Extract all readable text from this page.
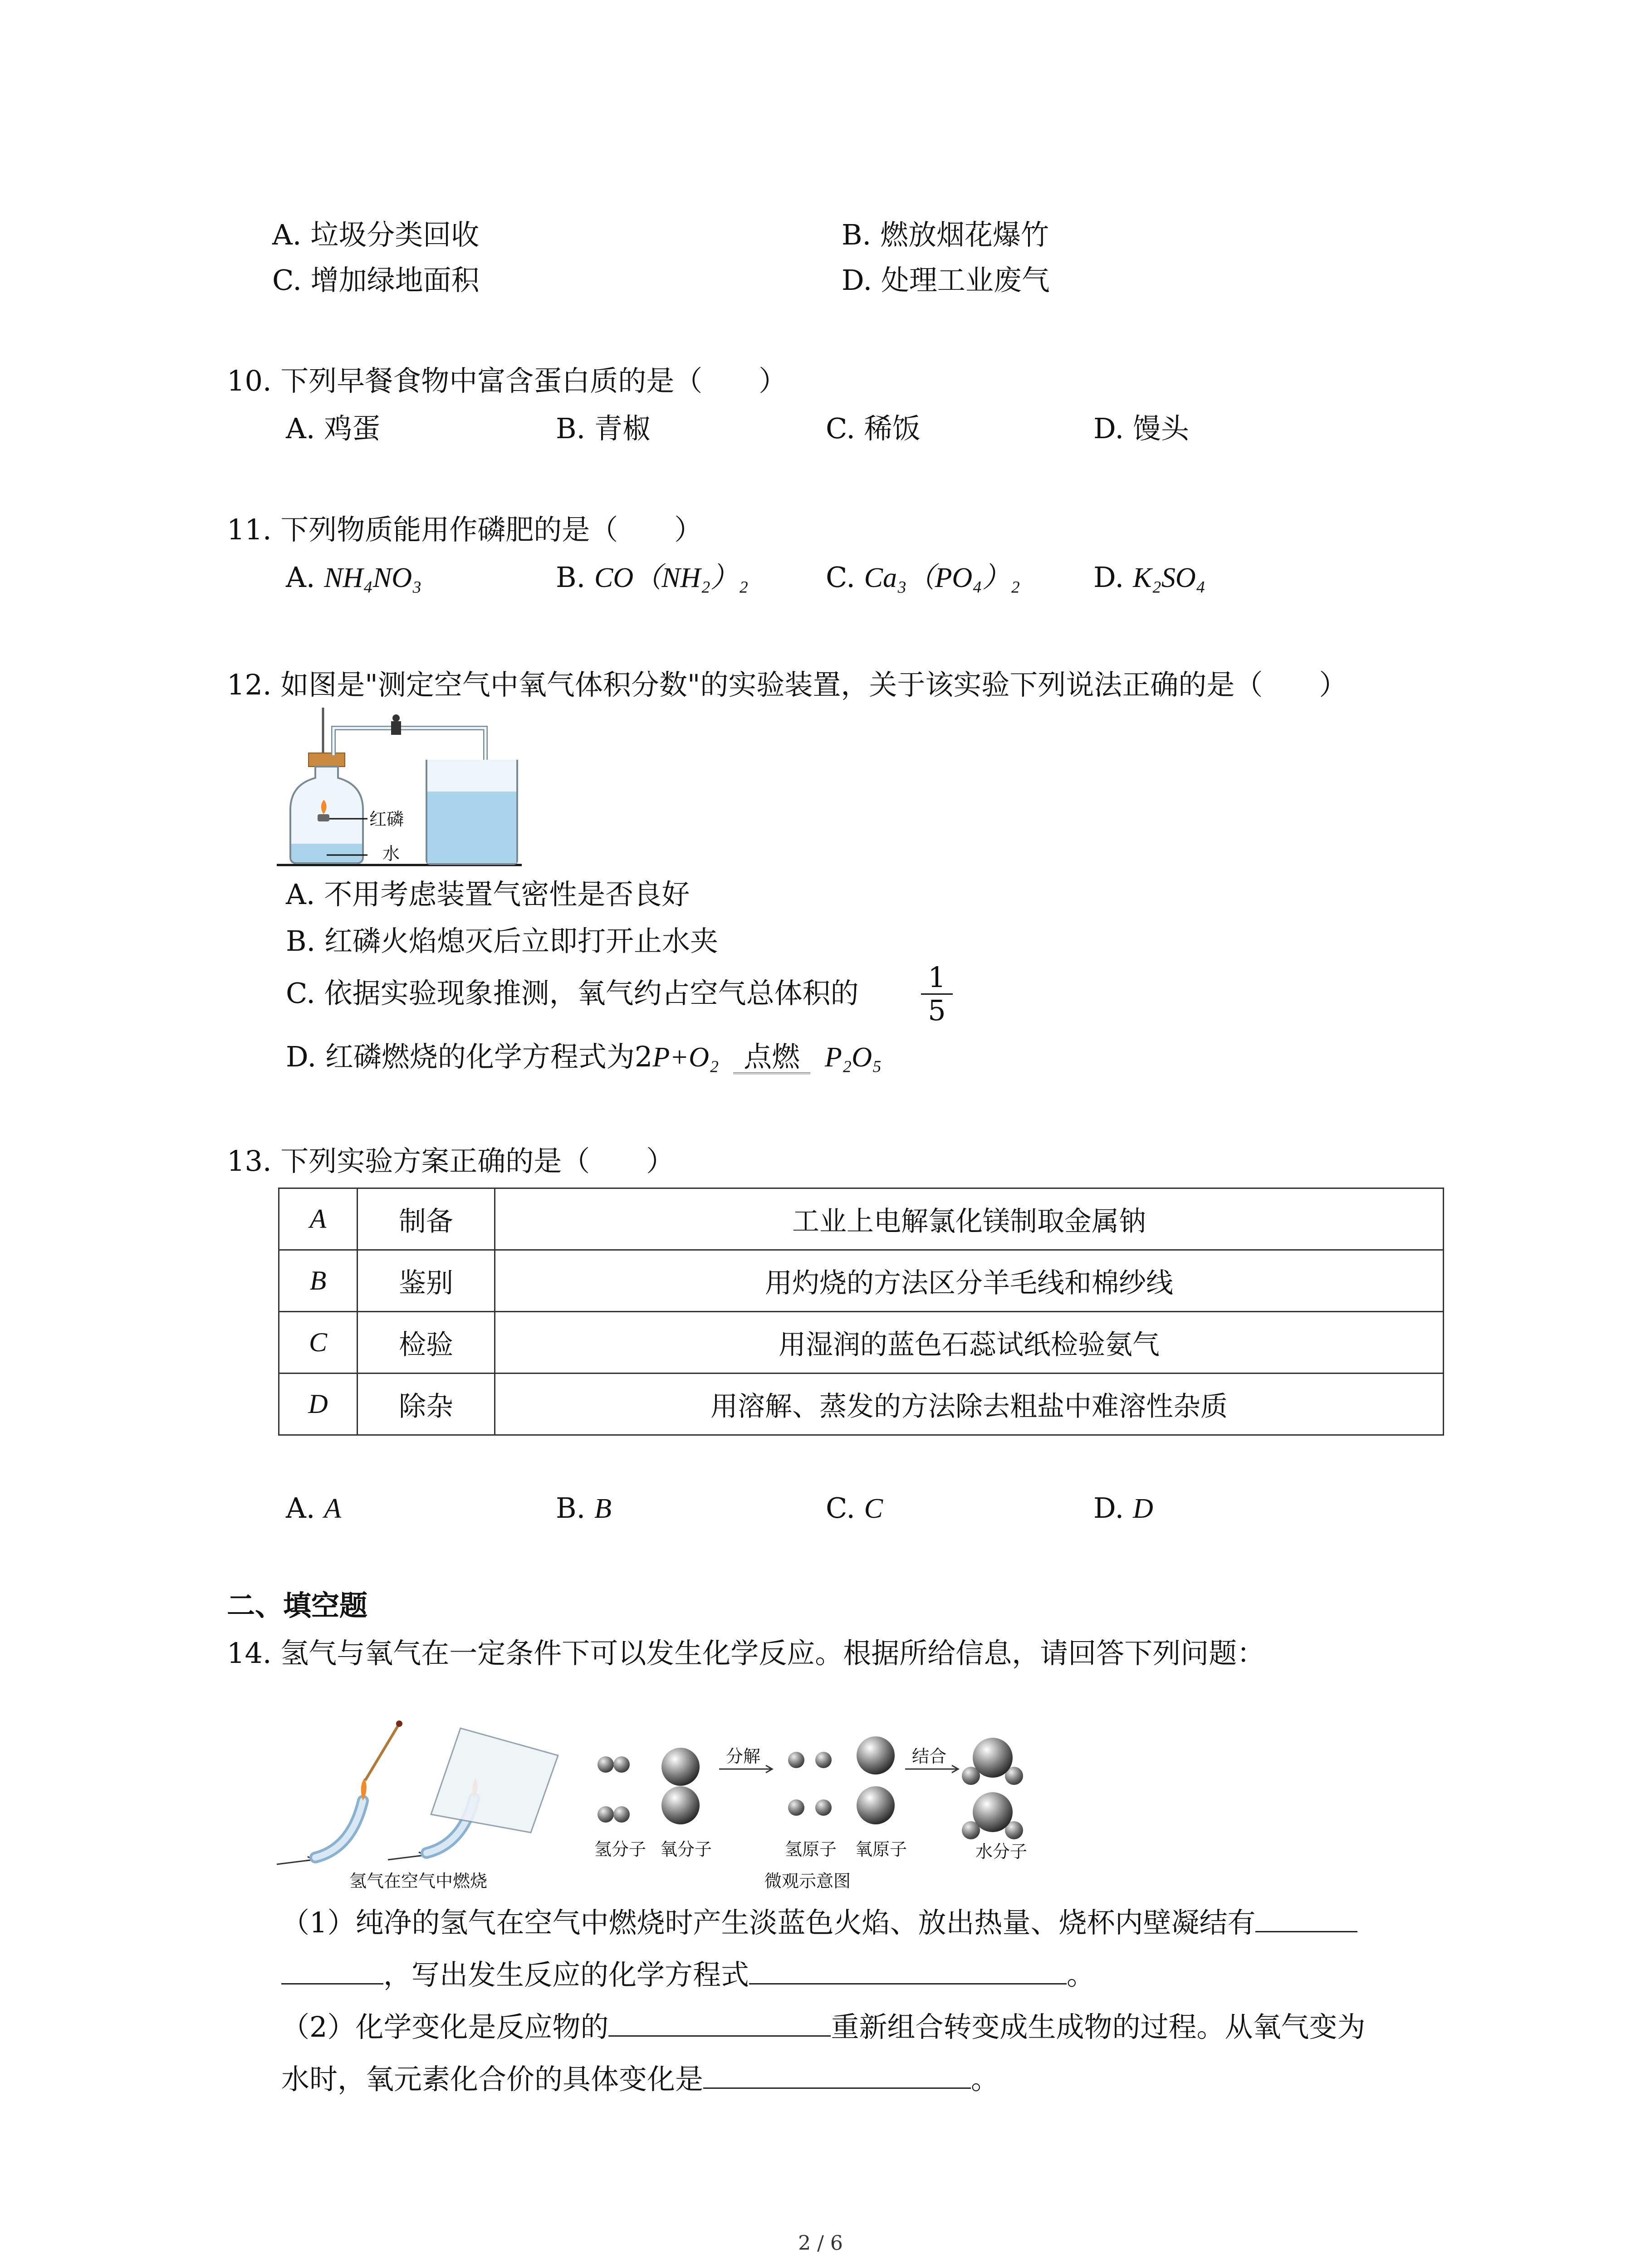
A. 垃圾分类回收	B. 燃放烟花爆竹
C. 增加绿地面积	D. 处理工业废气
10. 下列早餐食物中富含蛋白质的是（　　）
A. 鸡蛋	B. 青椒	C. 稀饭	D. 馒头
11. 下列物质能用作磷肥的是（　　）
A. NH₄NO₃	B. CO（NH₂）₂	C. Ca₃（PO₄）₂	D. K₂SO₄
12. 如图是"测定空气中氧气体积分数"的实验装置，关于该实验下列说法正确的是（　　）
红磷
水
A. 不用考虑装置气密性是否良好
B. 红磷火焰熄灭后立即打开止水夹
C. 依据实验现象推测，氧气约占空气总体积的 $\frac{1}{5}$
D. 红磷燃烧的化学方程式为2P+O₂ 点燃 P₂O₅
13. 下列实验方案正确的是（　　）
A	制备	工业上电解氯化镁制取金属钠
B	鉴别	用灼烧的方法区分羊毛线和棉纱线
C	检验	用湿润的蓝色石蕊试纸检验氨气
D	除杂	用溶解、蒸发的方法除去粗盐中难溶性杂质
A. A	B. B	C. C	D. D
二、填空题
14. 氢气与氧气在一定条件下可以发生化学反应。根据所给信息，请回答下列问题：
氢气在空气中燃烧
氢分子 氧分子
分解
氢原子 氧原子
微观示意图
结合
水分子
（1）纯净的氢气在空气中燃烧时产生淡蓝色火焰、放出热量、烧杯内壁凝结有
，写出发生反应的化学方程式	。
（2）化学变化是反应物的	重新组合转变成生成物的过程。从氧气变为
水时，氧元素化合价的具体变化是	。
2 / 6
